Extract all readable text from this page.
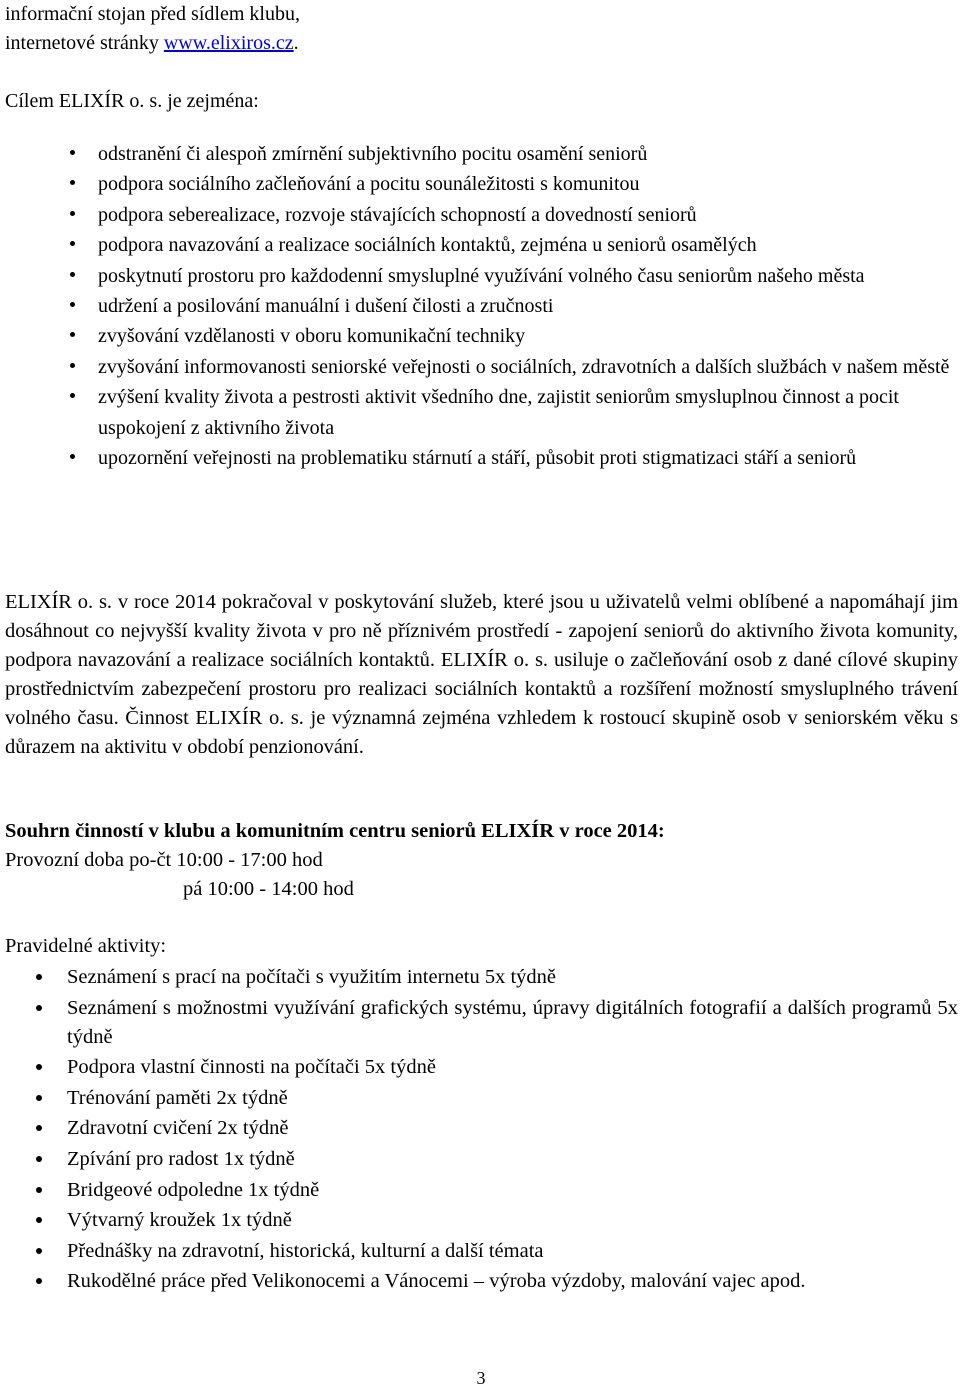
informační stojan před sídlem klubu,

internetové stránky www.elixiros.cz.

Cílem ELIXÍR o. s. je zejména:

odstranění či alespoň zmírnění subjektivního pocitu osamění seniorů
podpora sociálního začleňování a pocitu sounáležitosti s komunitou
podpora seberealizace, rozvoje stávajících schopností a dovedností seniorů
podpora navazování a realizace sociálních kontaktů, zejména u seniorů osamělých
poskytnutí prostoru pro každodenní smysluplné využívání volného času seniorům našeho města
udržení a posilování manuální i dušení čilosti a zručnosti
zvyšování vzdělanosti v oboru komunikační techniky
zvyšování informovanosti seniorské veřejnosti o sociálních, zdravotních a dalších službách v našem městě
zvýšení kvality života a pestrosti aktivit všedního dne, zajistit seniorům smysluplnou činnost a pocit uspokojení z aktivního života
upozornění veřejnosti na problematiku stárnutí a stáří, působit proti stigmatizaci stáří a seniorů

ELIXÍR o. s. v roce 2014 pokračoval v poskytování služeb, které jsou u uživatelů velmi oblíbené a napomáhají jim dosáhnout co nejvyšší kvality života v pro ně příznivém prostředí - zapojení seniorů do aktivního života komunity, podpora navazování a realizace sociálních kontaktů. ELIXÍR o. s. usiluje o začleňování osob z dané cílové skupiny prostřednictvím zabezpečení prostoru pro realizaci sociálních kontaktů a rozšíření možností smysluplného trávení volného času. Činnost ELIXÍR o. s. je významná zejména vzhledem k rostoucí skupině osob v seniorském věku s důrazem na aktivitu v období penzionování.

Souhrn činností v klubu a komunitním centru seniorů ELIXÍR v roce 2014:

Provozní doba po-čt 10:00 - 17:00 hod

pá 10:00 - 14:00 hod

Pravidelné aktivity:

Seznámení s prací na počítači s využitím internetu 5x týdně
Seznámení s možnostmi využívání grafických systému, úpravy digitálních fotografií a dalších programů 5x týdně
Podpora vlastní činnosti na počítači 5x týdně
Trénování paměti 2x týdně
Zdravotní cvičení 2x týdně
Zpívání pro radost 1x týdně
Bridgeové odpoledne 1x týdně
Výtvarný kroužek 1x týdně
Přednášky na zdravotní, historická, kulturní a další témata
Rukodělné práce před Velikonocemi a Vánocemi – výroba výzdoby, malování vajec apod.
3
